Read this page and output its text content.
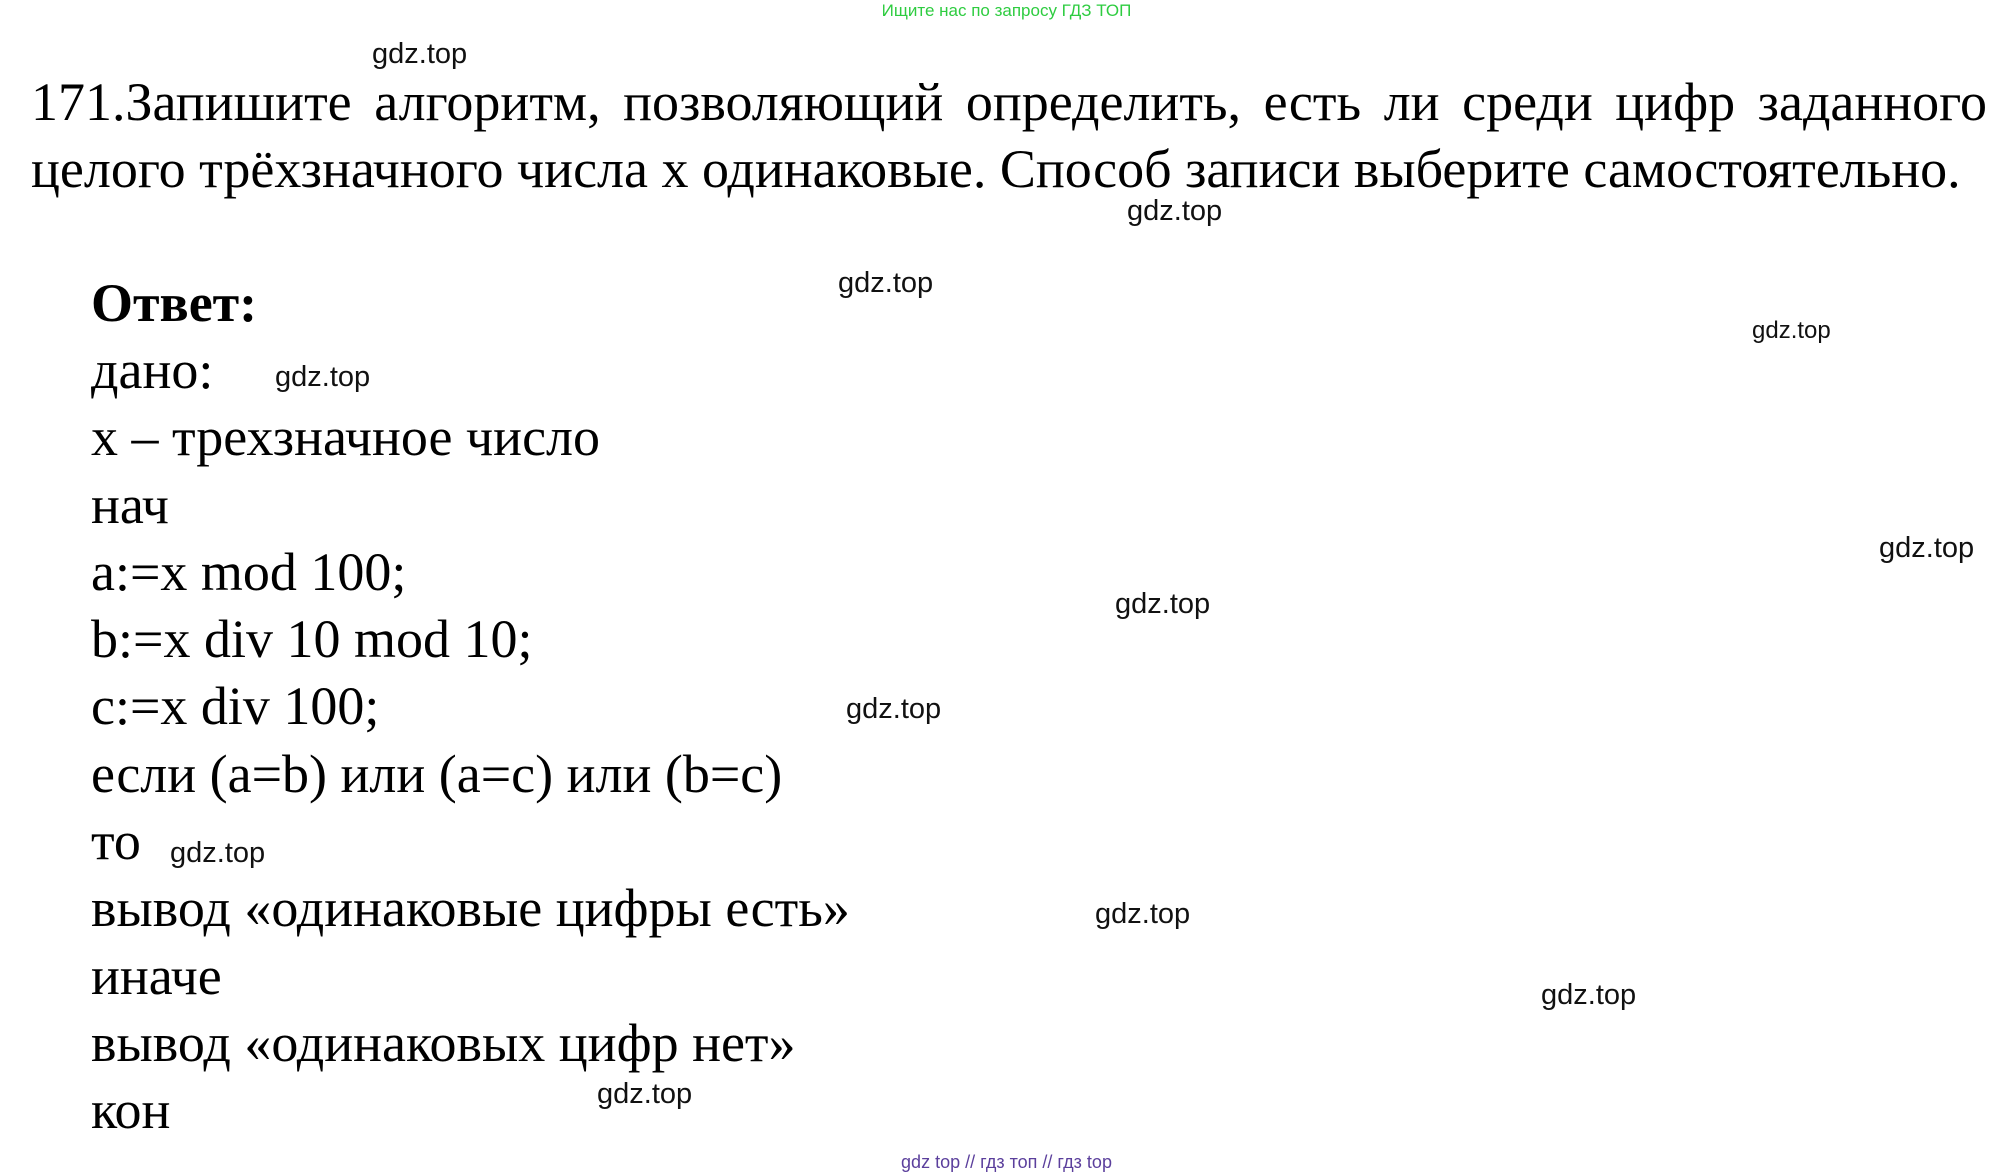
Ищите нас по запросу ГДЗ ТОП
171.Запишите алгоритм, позволяющий определить, есть ли среди цифр заданного целого трёхзначного числа x одинаковые. Способ записи выберите самостоятельно.
Ответ:
дано:
x – трехзначное число
нач
a:=x mod 100;
b:=x div 10 mod 10;
c:=x div 100;
если (a=b) или (a=c) или (b=c)
то
вывод «одинаковые цифры есть»
иначе
вывод «одинаковых цифр нет»
кон
gdz.top
gdz.top
gdz.top
gdz.top
gdz.top
gdz.top
gdz.top
gdz.top
gdz.top
gdz.top
gdz.top
gdz.top
gdz top // гдз топ // гдз top
